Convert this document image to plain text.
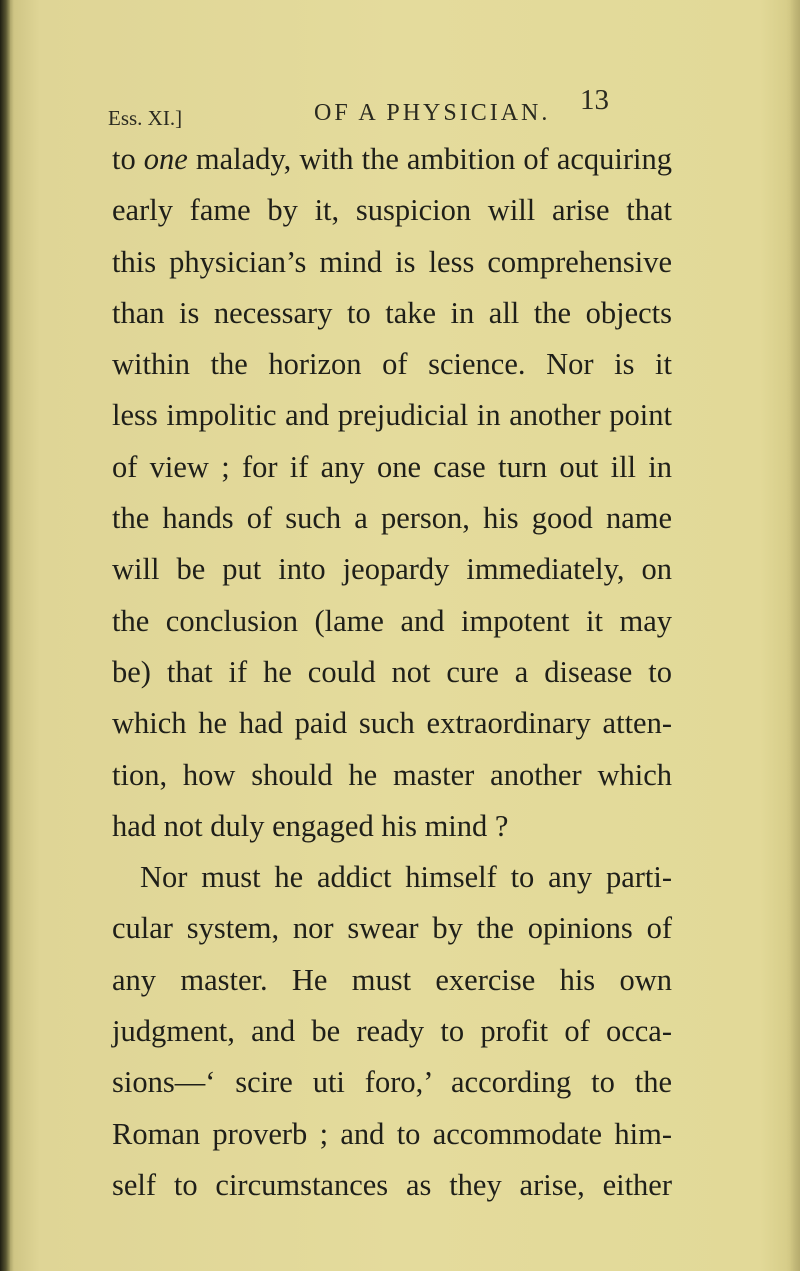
Ess. XI.]	OF A PHYSICIAN. 13
to one malady, with the ambition of acquiring
early fame by it, suspicion will arise that
this physician’s mind is less comprehensive
than is necessary to take in all the objects
within the horizon of science. Nor is it
less impolitic and prejudicial in another point
of view ; for if any one case turn out ill in
the hands of such a person, his good name
will be put into jeopardy immediately, on
the conclusion (lame and impotent it may
be) that if he could not cure a disease to
which he had paid such extraordinary atten-
tion, how should he master another which
had not duly engaged his mind ?
Nor must he addict himself to any parti-
cular system, nor swear by the opinions of
any master. He must exercise his own
judgment, and be ready to profit of occa-
sions—‘ scire uti foro,’ according to the
Roman proverb ; and to accommodate him-
self to circumstances as they arise, either
